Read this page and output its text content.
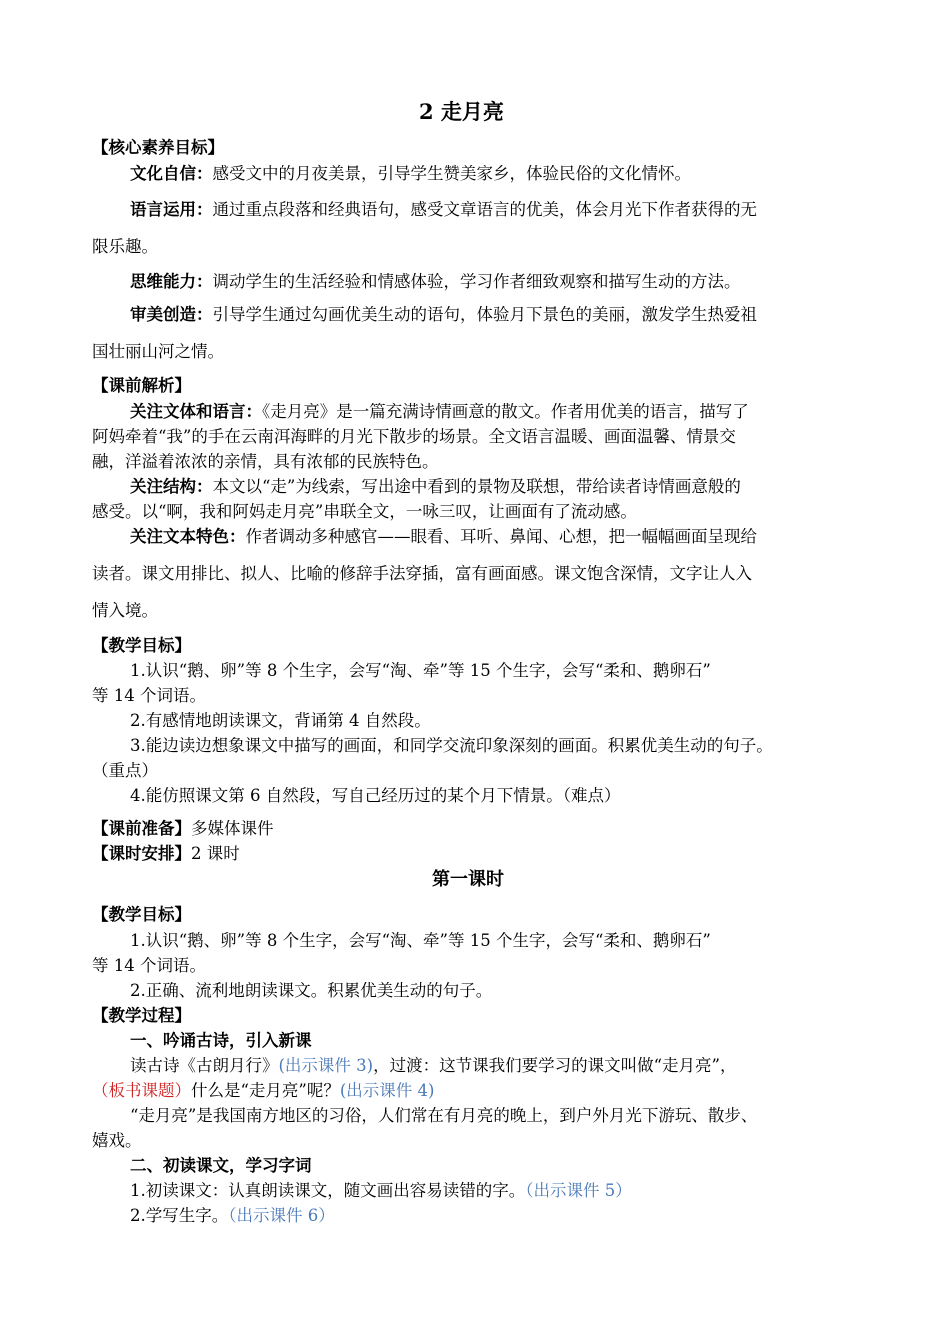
2 走月亮
【核心素养目标】
文化自信：感受文中的月夜美景，引导学生赞美家乡，体验民俗的文化情怀。
语言运用：通过重点段落和经典语句，感受文章语言的优美，体会月光下作者获得的无
限乐趣。
思维能力：调动学生的生活经验和情感体验，学习作者细致观察和描写生动的方法。
审美创造：引导学生通过勾画优美生动的语句，体验月下景色的美丽，激发学生热爱祖
国壮丽山河之情。
【课前解析】
关注文体和语言：《走月亮》是一篇充满诗情画意的散文。作者用优美的语言，描写了
阿妈牵着“我”的手在云南洱海畔的月光下散步的场景。全文语言温暖、画面温馨、情景交
融，洋溢着浓浓的亲情，具有浓郁的民族特色。
关注结构：本文以“走”为线索，写出途中看到的景物及联想，带给读者诗情画意般的
感受。以“啊，我和阿妈走月亮”串联全文，一咏三叹，让画面有了流动感。
关注文本特色：作者调动多种感官——眼看、耳听、鼻闻、心想，把一幅幅画面呈现给
读者。课文用排比、拟人、比喻的修辞手法穿插，富有画面感。课文饱含深情，文字让人入
情入境。
【教学目标】
1.认识“鹅、卵”等 8 个生字，会写“淘、牵”等 15 个生字，会写“柔和、鹅卵石”
等 14 个词语。
2.有感情地朗读课文，背诵第 4 自然段。
3.能边读边想象课文中描写的画面，和同学交流印象深刻的画面。积累优美生动的句子。
（重点）
4.能仿照课文第 6 自然段，写自己经历过的某个月下情景。（难点）
【课前准备】多媒体课件
【课时安排】2 课时
第一课时
【教学目标】
1.认识“鹅、卵”等 8 个生字，会写“淘、牵”等 15 个生字，会写“柔和、鹅卵石”
等 14 个词语。
2.正确、流利地朗读课文。积累优美生动的句子。
【教学过程】
一、吟诵古诗，引入新课
读古诗《古朗月行》(出示课件 3)，过渡：这节课我们要学习的课文叫做“走月亮”，
（板书课题）什么是“走月亮”呢？(出示课件 4)
“走月亮”是我国南方地区的习俗，人们常在有月亮的晚上，到户外月光下游玩、散步、
嬉戏。
二、初读课文，学习字词
1.初读课文：认真朗读课文，随文画出容易读错的字。（出示课件 5）
2.学写生字。（出示课件 6）
